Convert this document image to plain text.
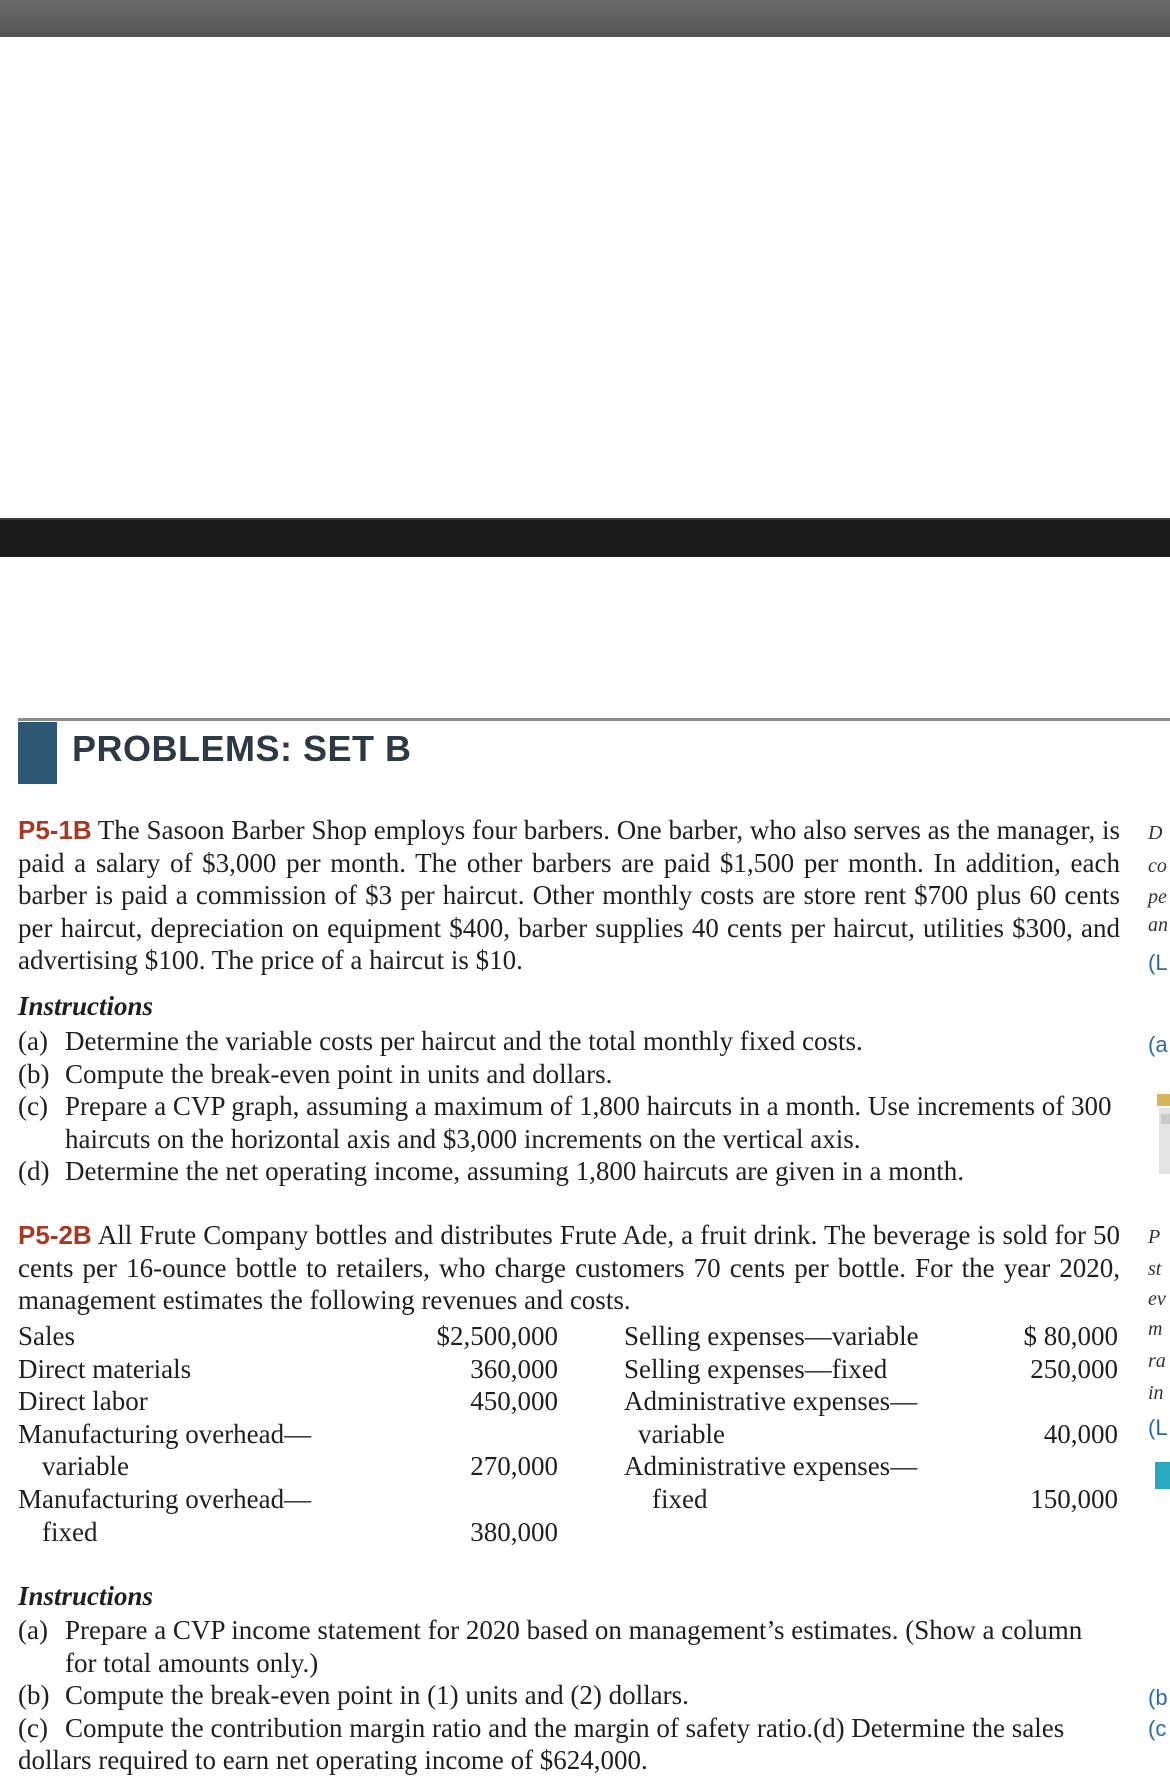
PROBLEMS: SET B

P5-1B The Sasoon Barber Shop employs four barbers. One barber, who also serves as the manager, is paid a salary of $3,000 per month. The other barbers are paid $1,500 per month. In addition, each barber is paid a commission of $3 per haircut. Other monthly costs are store rent $700 plus 60 cents per haircut, depreciation on equipment $400, barber supplies 40 cents per haircut, utilities $300, and advertising $100. The price of a haircut is $10.

Instructions
(a) Determine the variable costs per haircut and the total monthly fixed costs.
(b) Compute the break-even point in units and dollars.
(c) Prepare a CVP graph, assuming a maximum of 1,800 haircuts in a month. Use increments of 300 haircuts on the horizontal axis and $3,000 increments on the vertical axis.
(d) Determine the net operating income, assuming 1,800 haircuts are given in a month.

P5-2B All Frute Company bottles and distributes Frute Ade, a fruit drink. The beverage is sold for 50 cents per 16-ounce bottle to retailers, who charge customers 70 cents per bottle. For the year 2020, management estimates the following revenues and costs.

Sales	$2,500,000
Direct materials	360,000
Direct labor	450,000
Manufacturing overhead—
variable	270,000
Manufacturing overhead—
fixed	380,000
Selling expenses—variable	$ 80,000
Selling expenses—fixed	250,000
Administrative expenses—
variable	40,000
Administrative expenses—
fixed	150,000
Instructions
(a) Prepare a CVP income statement for 2020 based on management’s estimates. (Show a column for total amounts only.)
(b) Compute the break-even point in (1) units and (2) dollars.
(c) Compute the contribution margin ratio and the margin of safety ratio.(d) Determine the sales dollars required to earn net operating income of $624,000.
D
co
pe
an
(L
(a
P
st
ev
m
ra
in
(L
(b
(c
